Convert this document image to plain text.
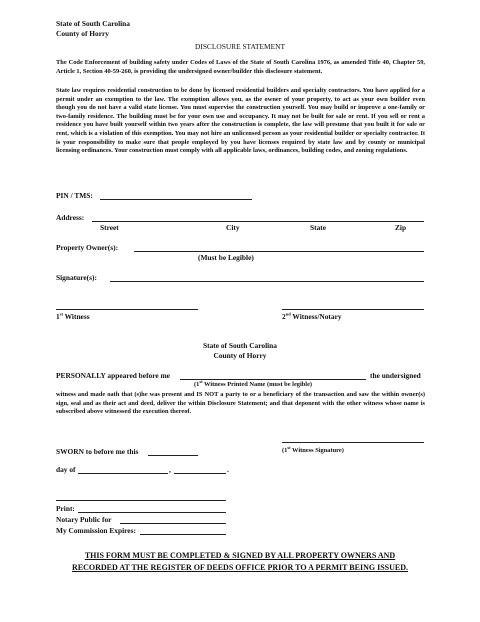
State of South Carolina
County of Horry
DISCLOSURE STATEMENT
The Code Enforcement of building safety under Codes of Laws of the State of South Carolina 1976, as amended Title 40, Chapter 59, Article 1, Section 40-59-260, is providing the undersigned owner/builder this disclosure statement.
State law requires residential construction to be done by licensed residential builders and specialty contractors. You have applied for a permit under an exemption to the law. The exemption allows you, as the owner of your property, to act as your own builder even though you do not have a valid state license. You must supervise the construction yourself. You may build or improve a one-family or two-family residence. The building must be for your own use and occupancy. It may not be built for sale or rent. If you sell or rent a residence you have built yourself within two years after the construction is complete, the law will presume that you built it for sale or rent, which is a violation of this exemption. You may not hire an unlicensed person as your residential builder or specialty contractor. It is your responsibility to make sure that people employed by you have licenses required by state law and by county or municipal licensing ordinances. Your construction must comply with all applicable laws, ordinances, building codes, and zoning regulations.
PIN / TMS:
Address:
Street	City	State	Zip
Property Owner(s):
(Must be Legible)
Signature(s):
1st Witness	2nd Witness/Notary
State of South Carolina
County of Horry
PERSONALLY appeared before me	the undersigned
(1st Witness Printed Name (must be legible)
witness and made oath that (s)he was present and IS NOT a party to or a beneficiary of the transaction and saw the within owner(s) sign, seal and as their act and deed, deliver the within Disclosure Statement; and that deponent with the other witness whose name is subscribed above witnessed the execution thereof.
SWORN to before me this	(1st Witness Signature)
day of	,	.
Print:
Notary Public for
My Commission Expires:
THIS FORM MUST BE COMPLETED & SIGNED BY ALL PROPERTY OWNERS AND
RECORDED AT THE REGISTER OF DEEDS OFFICE PRIOR TO A PERMIT BEING ISSUED.
